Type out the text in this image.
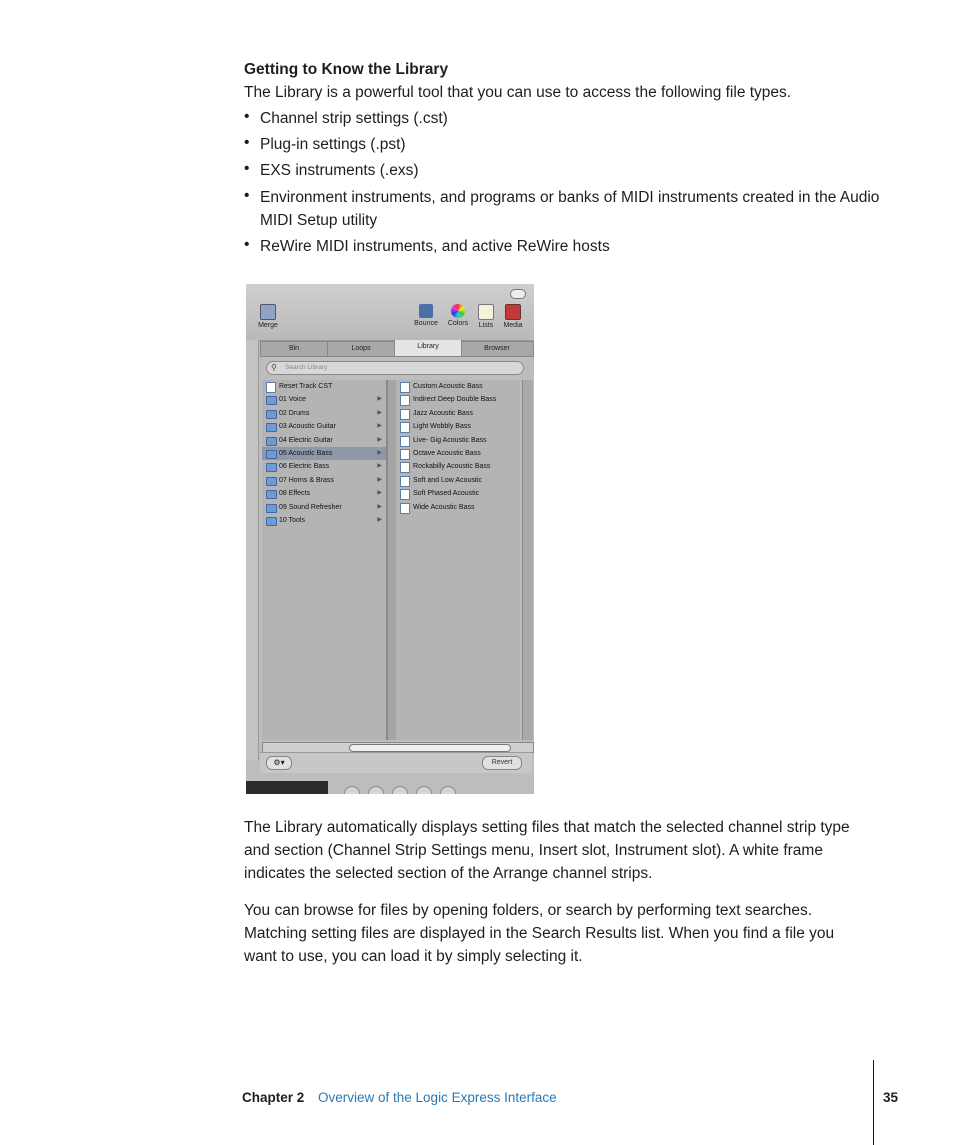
Getting to Know the Library
The Library is a powerful tool that you can use to access the following file types.
• Channel strip settings (.cst)
• Plug-in settings (.pst)
• EXS instruments (.exs)
• Environment instruments, and programs or banks of MIDI instruments created in the Audio MIDI Setup utility
• ReWire MIDI instruments, and active ReWire hosts
Merge	Bounce	Colors	Lists	Media
Bin	Loops	Library	Browser
⚲ Search Library
Reset Track CST
01 Voice	▶
02 Drums	▶
03 Acoustic Guitar	▶
04 Electric Guitar	▶
05 Acoustic Bass	▶
06 Electric Bass	▶
07 Horns & Brass	▶
08 Effects	▶
09 Sound Refresher	▶
10 Tools	▶
Custom Acoustic Bass
Indirect Deep Double Bass
Jazz Acoustic Bass
Light Wobbly Bass
Live- Gig Acoustic Bass
Octave Acoustic Bass
Rockabilly Acoustic Bass
Soft and Low Acoustic
Soft Phased Acoustic
Wide Acoustic Bass
⚙▾	Revert
The Library automatically displays setting files that match the selected channel strip type and section (Channel Strip Settings menu, Insert slot, Instrument slot). A white frame indicates the selected section of the Arrange channel strips.
You can browse for files by opening folders, or search by performing text searches. Matching setting files are displayed in the Search Results list. When you find a file you want to use, you can load it by simply selecting it.
Chapter 2 Overview of the Logic Express Interface	35
